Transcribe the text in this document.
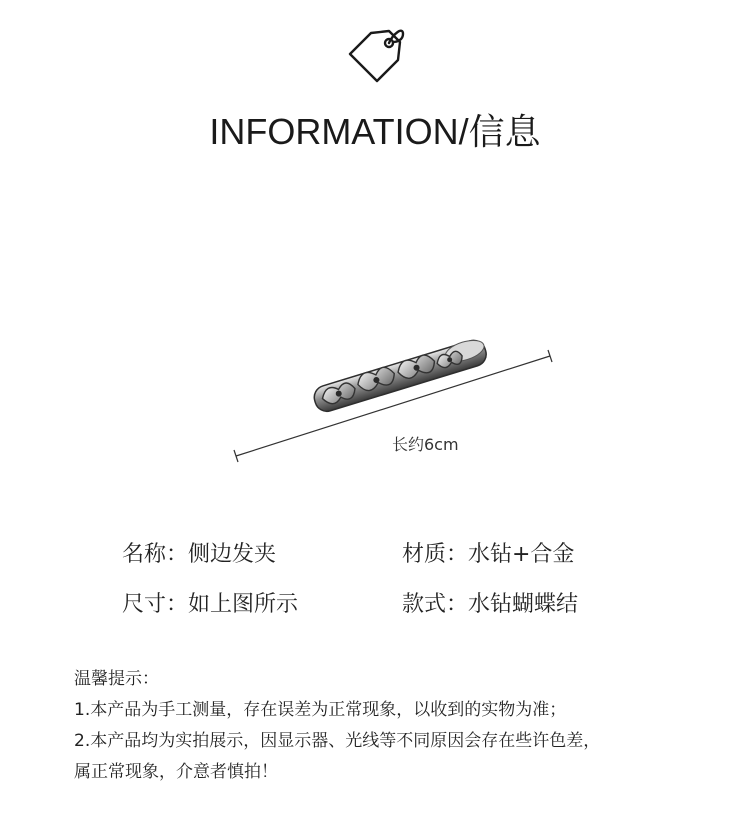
INFORMATION/信息
长约6cm
名称：侧边发夹	材质：水钻+合金
尺寸：如上图所示	款式：水钻蝴蝶结
温馨提示：
1.本产品为手工测量，存在误差为正常现象，以收到的实物为准；
2.本产品均为实拍展示，因显示器、光线等不同原因会存在些许色差，
属正常现象，介意者慎拍！
